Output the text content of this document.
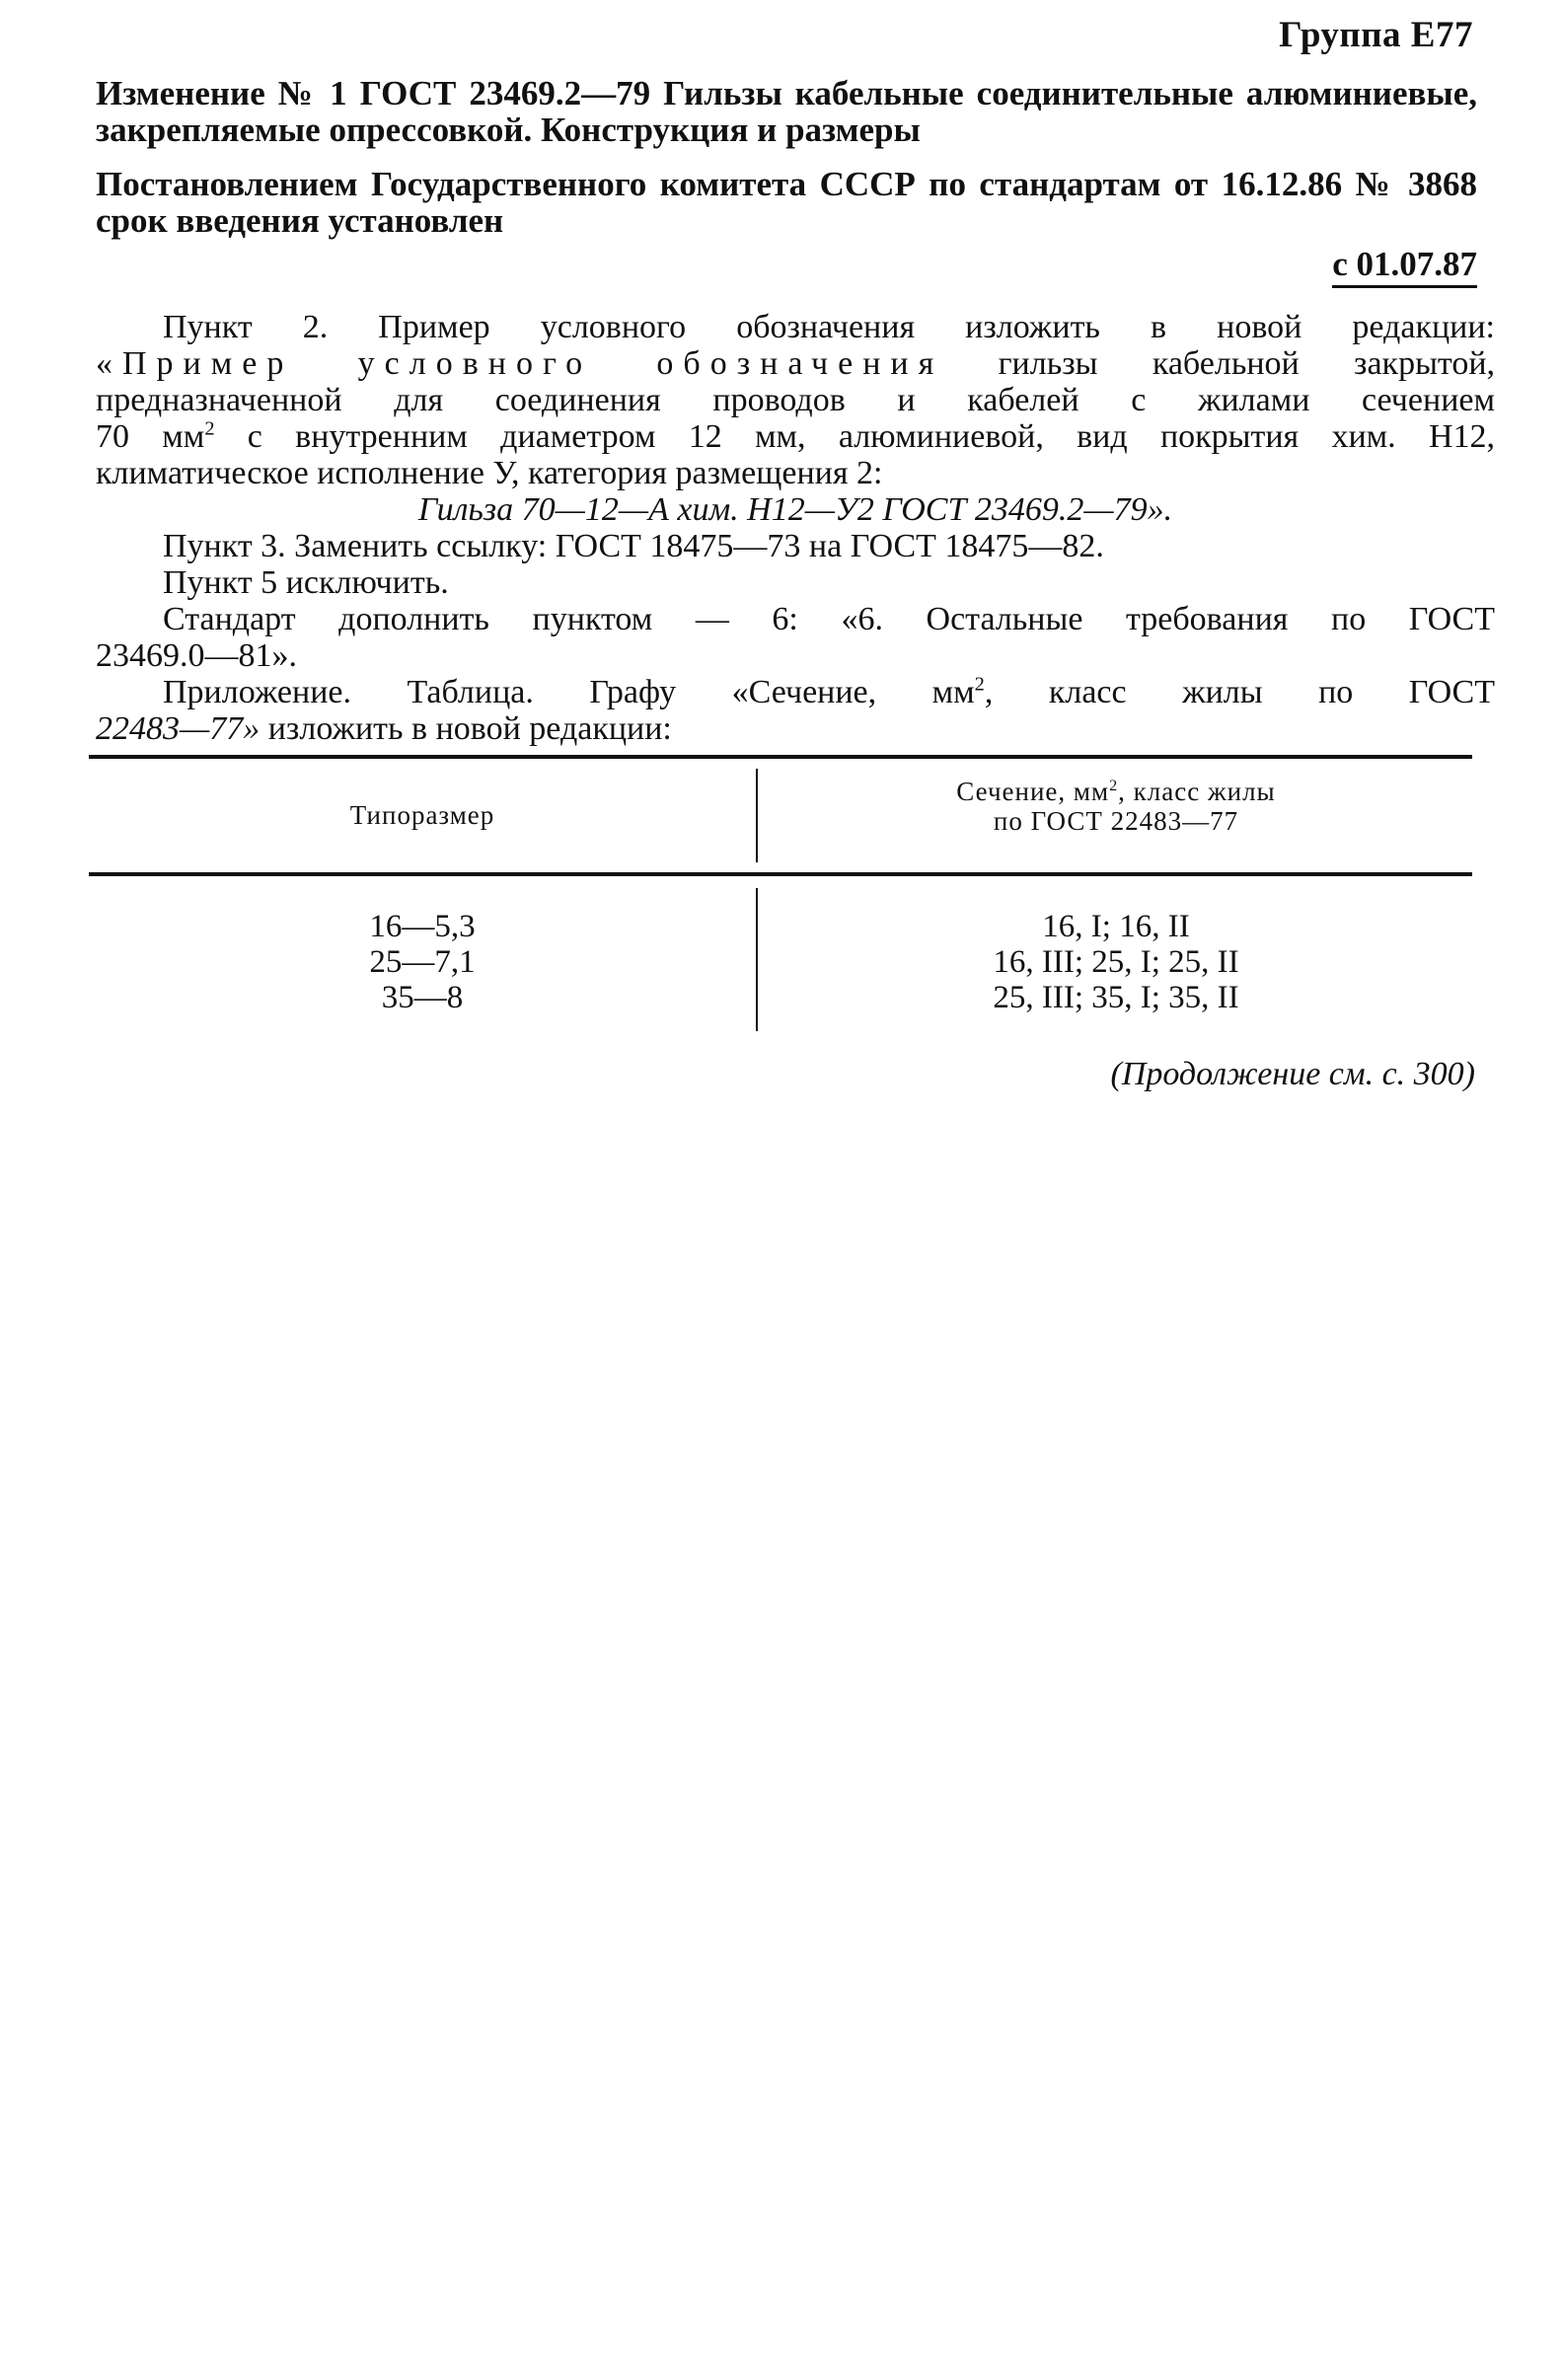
Группа Е77
Изменение № 1 ГОСТ 23469.2—79 Гильзы кабельные соединительные алюминиевые, закрепляемые опрессовкой. Конструкция и размеры
Постановлением Государственного комитета СССР по стандартам от 16.12.86 № 3868 срок введения установлен
с 01.07.87

Пункт 2. Пример условного обозначения изложить в новой редакции:

«Пример условного обозначения гильзы кабельной закрытой,

предназначенной для соединения проводов и кабелей с жилами сечением

70 $мм^2$ с внутренним диаметром 12 мм, алюминиевой, вид покрытия хим. Н12,

климатическое исполнение У, категория размещения 2:

Гильза 70—12—А хим. Н12—У2 ГОСТ 23469.2—79».

Пункт 3. Заменить ссылку: ГОСТ 18475—73 на ГОСТ 18475—82.

Пункт 5 исключить.

Стандарт дополнить пунктом — 6: «6. Остальные требования по ГОСТ

23469.0—81».

Приложение. Таблица. Графу «Сечение, $мм^2$, класс жилы по ГОСТ

22483—77» изложить в новой редакции:

Типоразмер
Сечение, $мм^2$, класс жилы
по ГОСТ 22483—77
16—5,3
25—7,1
35—8
16, I; 16, II
16, III; 25, I; 25, II
25, III; 35, I; 35, II
(Продолжение см. с. 300)
